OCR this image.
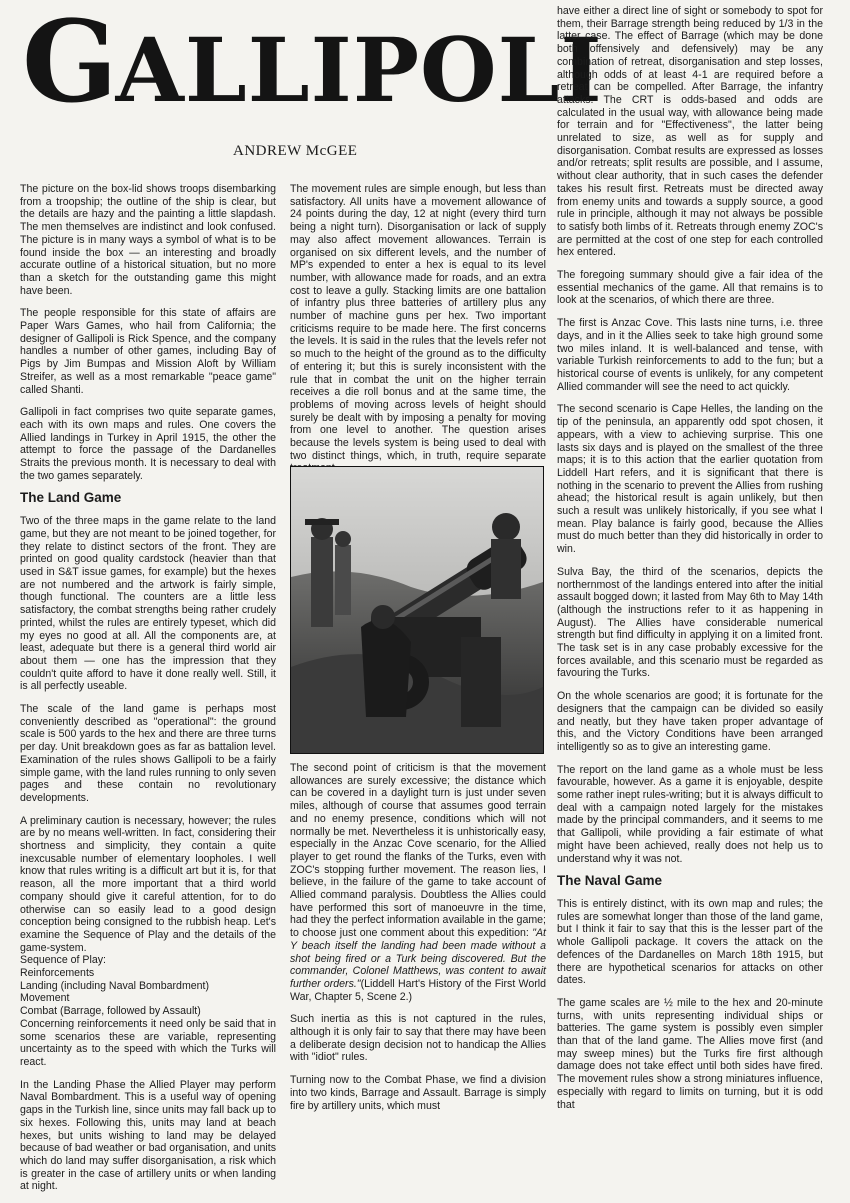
GALLIPOLI
ANDREW McGEE

The picture on the box-lid shows troops disembarking from a troopship; the outline of the ship is clear, but the details are hazy and the painting a little slapdash. The men themselves are indistinct and look confused. The picture is in many ways a symbol of what is to be found inside the box — an interesting and broadly accurate outline of a historical situation, but no more than a sketch for the outstanding game this might have been.

The people responsible for this state of affairs are Paper Wars Games, who hail from California; the designer of Gallipoli is Rick Spence, and the company handles a number of other games, including Bay of Pigs by Jim Bumpas and Mission Aloft by William Streifer, as well as a most remarkable "peace game" called Shanti.

Gallipoli in fact comprises two quite separate games, each with its own maps and rules. One covers the Allied landings in Turkey in April 1915, the other the attempt to force the passage of the Dardanelles Straits the previous month. It is necessary to deal with the two games separately.

The Land Game

Two of the three maps in the game relate to the land game, but they are not meant to be joined together, for they relate to distinct sectors of the front. They are printed on good quality cardstock (heavier than that used in S&T issue games, for example) but the hexes are not numbered and the artwork is fairly simple, though functional. The counters are a little less satisfactory, the combat strengths being rather crudely printed, whilst the rules are entirely typeset, which did my eyes no good at all. All the components are, at least, adequate but there is a general third world air about them — one has the impression that they couldn't quite afford to have it done really well. Still, it is all perfectly useable.

The scale of the land game is perhaps most conveniently described as "operational": the ground scale is 500 yards to the hex and there are three turns per day. Unit breakdown goes as far as battalion level. Examination of the rules shows Gallipoli to be a fairly simple game, with the land rules running to only seven pages and these contain no revolutionary developments.

A preliminary caution is necessary, however; the rules are by no means well-written. In fact, considering their shortness and simplicity, they contain a quite inexcusable number of elementary loopholes. I well know that rules writing is a difficult art but it is, for that reason, all the more important that a third world company should give it careful attention, for to do otherwise can so easily lead to a good design conception being consigned to the rubbish heap. Let's examine the Sequence of Play and the details of the game-system.

Sequence of Play:
Reinforcements
Landing (including Naval Bombardment)
Movement
Combat (Barrage, followed by Assault)

Concerning reinforcements it need only be said that in some scenarios these are variable, representing uncertainty as to the speed with which the Turks will react.

In the Landing Phase the Allied Player may perform Naval Bombardment. This is a useful way of opening gaps in the Turkish line, since units may fall back up to six hexes. Following this, units may land at beach hexes, but units wishing to land may be delayed because of bad weather or bad organisation, and units which do land may suffer disorganisation, a risk which is greater in the case of artillery units or when landing at night.

The movement rules are simple enough, but less than satisfactory. All units have a movement allowance of 24 points during the day, 12 at night (every third turn being a night turn). Disorganisation or lack of supply may also affect movement allowances. Terrain is organised on six different levels, and the number of MP's expended to enter a hex is equal to its level number, with allowance made for roads, and an extra cost to leave a gully. Stacking limits are one battalion of infantry plus three batteries of artillery plus any number of machine guns per hex. Two important criticisms require to be made here. The first concerns the levels. It is said in the rules that the levels refer not so much to the height of the ground as to the difficulty of entering it; but this is surely inconsistent with the rule that in combat the unit on the higher terrain receives a die roll bonus and at the same time, the problems of moving across levels of height should surely be dealt with by imposing a penalty for moving from one level to another. The question arises because the levels system is being used to deal with two distinct things, which, in truth, require separate

The second point of criticism is that the movement allowances are surely excessive; the distance which can be covered in a daylight turn is just under seven miles, although of course that assumes good terrain and no enemy presence, conditions which will not normally be met. Nevertheless it is unhistorically easy, especially in the Anzac Cove scenario, for the Allied player to get round the flanks of the Turks, even with ZOC's stopping further movement. The reason lies, I believe, in the failure of the game to take account of Allied command paralysis. Doubtless the Allies could have performed this sort of manoeuvre in the time, had they the perfect information available in the game; to choose just one comment about this expedition: "At Y beach itself the landing had been made without a shot being fired or a Turk being discovered. But the commander, Colonel Matthews, was content to await further orders."(Liddell Hart's History of the First World War, Chapter 5, Scene 2.)

Such inertia as this is not captured in the rules, although it is only fair to say that there may have been a deliberate design decision not to handicap the Allies with "idiot" rules.

Turning now to the Combat Phase, we find a division into two kinds, Barrage and Assault. Barrage is simply fire by artillery units, which must

have either a direct line of sight or somebody to spot for them, their Barrage strength being reduced by 1/3 in the latter case. The effect of Barrage (which may be done both offensively and defensively) may be any combination of retreat, disorganisation and step losses, although odds of at least 4-1 are required before a retreat can be compelled. After Barrage, the infantry attacks. The CRT is odds-based and odds are calculated in the usual way, with allowance being made for terrain and for "Effectiveness", the latter being unrelated to size, as well as for supply and disorganisation. Combat results are expressed as losses and/or retreats; split results are possible, and I assume, without clear authority, that in such cases the defender takes his result first. Retreats must be directed away from enemy units and towards a supply source, a good rule in principle, although it may not always be possible to satisfy both limbs of it. Retreats through enemy ZOC's are permitted at the cost of one step for each controlled hex entered.

The foregoing summary should give a fair idea of the essential mechanics of the game. All that remains is to look at the scenarios, of which there are three.

The first is Anzac Cove. This lasts nine turns, i.e. three days, and in it the Allies seek to take high ground some two miles inland. It is well-balanced and tense, with variable Turkish reinforcements to add to the fun; but a historical course of events is unlikely, for any competent Allied commander will see the need to act quickly.

The second scenario is Cape Helles, the landing on the tip of the peninsula, an apparently odd spot chosen, it appears, with a view to achieving surprise. This one lasts six days and is played on the smallest of the three maps; it is to this action that the earlier quotation from Liddell Hart refers, and it is significant that there is nothing in the scenario to prevent the Allies from rushing ahead; the historical result is again unlikely, but then such a result was unlikely historically, if you see what I mean. Play balance is fairly good, because the Allies must do much better than they did historically in order to win.

Sulva Bay, the third of the scenarios, depicts the northernmost of the landings entered into after the initial assault bogged down; it lasted from May 6th to May 14th (although the instructions refer to it as happening in August). The Allies have considerable numerical strength but find difficulty in applying it on a limited front. The task set is in any case probably excessive for the forces available, and this scenario must be regarded as favouring the Turks.

On the whole scenarios are good; it is fortunate for the designers that the campaign can be divided so easily and neatly, but they have taken proper advantage of this, and the Victory Conditions have been arranged intelligently so as to give an interesting game.

The report on the land game as a whole must be less favourable, however. As a game it is enjoyable, despite some rather inept rules-writing; but it is always difficult to deal with a campaign noted largely for the mistakes made by the principal commanders, and it seems to me that Gallipoli, while providing a fair estimate of what might have been achieved, really does not help us to understand why it was not.

The Naval Game

This is entirely distinct, with its own map and rules; the rules are somewhat longer than those of the land game, but I think it fair to say that this is the lesser part of the whole Gallipoli package. It covers the attack on the defences of the Dardanelles on March 18th 1915, but there are hypothetical scenarios for attacks on other dates.

The game scales are ½ mile to the hex and 20-minute turns, with units representing individual ships or batteries. The game system is possibly even simpler than that of the land game. The Allies move first (and may sweep mines) but the Turks fire first although damage does not take effect until both sides have fired. The movement rules show a strong miniatures influence, especially with regard to limits on turning, but it is odd that
